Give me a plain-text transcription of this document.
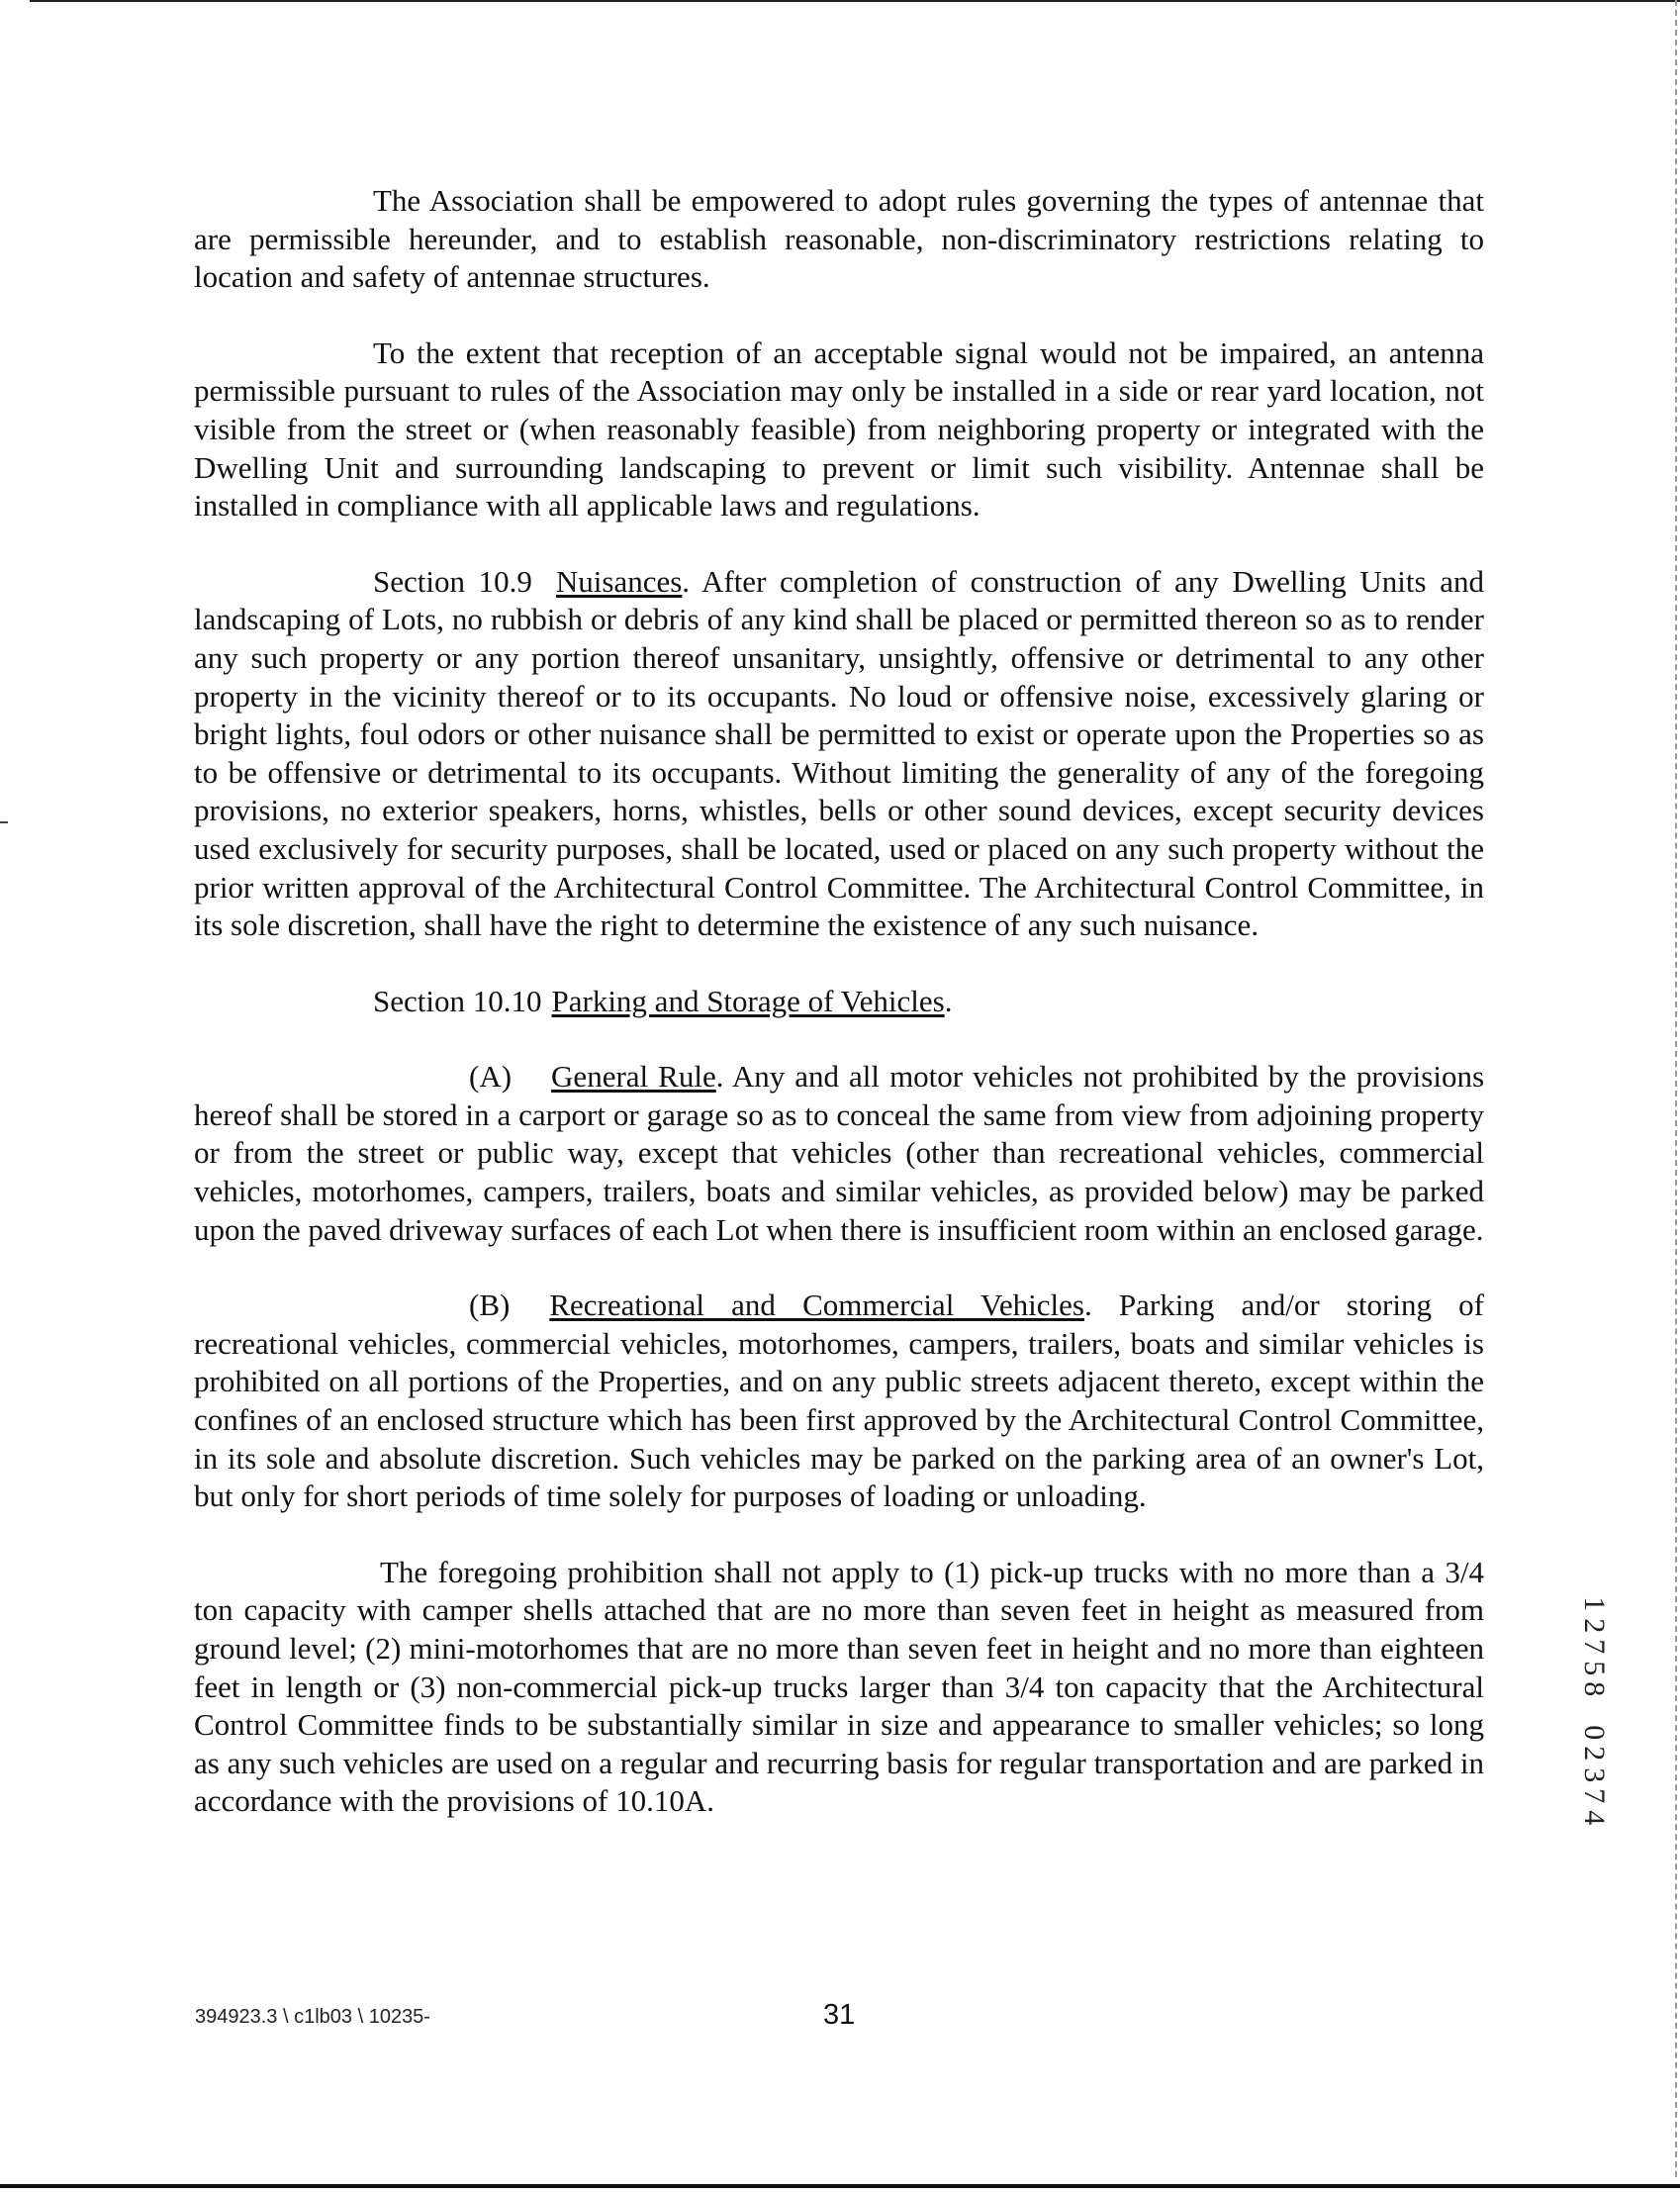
The Association shall be empowered to adopt rules governing the types of antennae that are permissible hereunder, and to establish reasonable, non-discriminatory restrictions relating to location and safety of antennae structures.

To the extent that reception of an acceptable signal would not be impaired, an antenna permissible pursuant to rules of the Association may only be installed in a side or rear yard location, not visible from the street or (when reasonably feasible) from neighboring property or integrated with the Dwelling Unit and surrounding landscaping to prevent or limit such visibility. Antennae shall be installed in compliance with all applicable laws and regulations.

Section 10.9 Nuisances. After completion of construction of any Dwelling Units and landscaping of Lots, no rubbish or debris of any kind shall be placed or permitted thereon so as to render any such property or any portion thereof unsanitary, unsightly, offensive or detrimental to any other property in the vicinity thereof or to its occupants. No loud or offensive noise, excessively glaring or bright lights, foul odors or other nuisance shall be permitted to exist or operate upon the Properties so as to be offensive or detrimental to its occupants. Without limiting the generality of any of the foregoing provisions, no exterior speakers, horns, whistles, bells or other sound devices, except security devices used exclusively for security purposes, shall be located, used or placed on any such property without the prior written approval of the Architectural Control Committee. The Architectural Control Committee, in its sole discretion, shall have the right to determine the existence of any such nuisance.

Section 10.10 Parking and Storage of Vehicles.

(A) General Rule. Any and all motor vehicles not prohibited by the provisions hereof shall be stored in a carport or garage so as to conceal the same from view from adjoining property or from the street or public way, except that vehicles (other than recreational vehicles, commercial vehicles, motorhomes, campers, trailers, boats and similar vehicles, as provided below) may be parked upon the paved driveway surfaces of each Lot when there is insufficient room within an enclosed garage.

(B) Recreational and Commercial Vehicles. Parking and/or storing of recreational vehicles, commercial vehicles, motorhomes, campers, trailers, boats and similar vehicles is prohibited on all portions of the Properties, and on any public streets adjacent thereto, except within the confines of an enclosed structure which has been first approved by the Architectural Control Committee, in its sole and absolute discretion. Such vehicles may be parked on the parking area of an owner's Lot, but only for short periods of time solely for purposes of loading or unloading.

The foregoing prohibition shall not apply to (1) pick-up trucks with no more than a 3/4 ton capacity with camper shells attached that are no more than seven feet in height as measured from ground level; (2) mini-motorhomes that are no more than seven feet in height and no more than eighteen feet in length or (3) non-commercial pick-up trucks larger than 3/4 ton capacity that the Architectural Control Committee finds to be substantially similar in size and appearance to smaller vehicles; so long as any such vehicles are used on a regular and recurring basis for regular transportation and are parked in accordance with the provisions of 10.10A.

394923.3 \ c1lb03 \ 10235-	31
1
2
7
5
8
0
2
3
7
4
